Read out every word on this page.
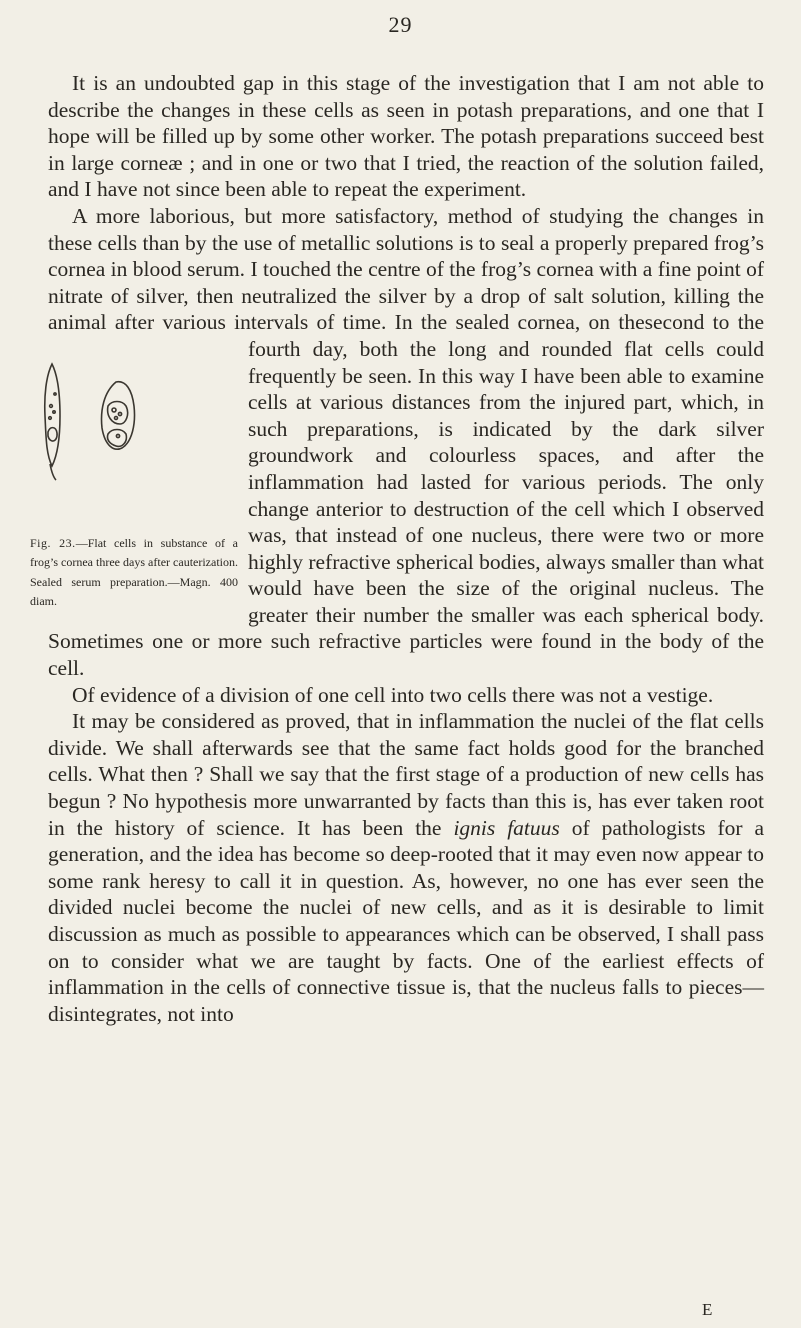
29

It is an undoubted gap in this stage of the investigation that I am not able to describe the changes in these cells as seen in potash preparations, and one that I hope will be filled up by some other worker. The potash preparations succeed best in large corneæ ; and in one or two that I tried, the reaction of the solution failed, and I have not since been able to repeat the experiment.

A more laborious, but more satisfactory, method of studying the changes in these cells than by the use of metallic solutions is to seal a properly prepared frog’s cornea in blood serum. I touched the centre of the frog’s cornea with a fine point of nitrate of silver, then neutralized the silver by a drop of salt solution, killing the animal after various intervals of time. In the sealed cornea, on the
Fig. 23.—Flat cells in substance of a frog’s cornea three days after cauterization. Sealed serum preparation.—Magn. 400 diam.
second to the fourth day, both the long and rounded flat cells could frequently be seen. In this way I have been able to examine cells at various distances from the injured part, which, in such preparations, is indicated by the dark silver groundwork and colourless spaces, and after the inflammation had lasted for various periods. The only change anterior to destruction of the cell which I observed was, that instead of one nucleus, there were two or more highly refractive spherical bodies, always smaller than what would have been the size of the original nucleus. The greater their number the smaller was each spherical body. Sometimes one or more such refractive particles were found in the body of the cell.

Of evidence of a division of one cell into two cells there was not a vestige.

It may be considered as proved, that in inflammation the nuclei of the flat cells divide. We shall afterwards see that the same fact holds good for the branched cells. What then ? Shall we say that the first stage of a production of new cells has begun ? No hypothesis more unwarranted by facts than this is, has ever taken root in the history of science. It has been the ignis fatuus of pathologists for a generation, and the idea has become so deep-rooted that it may even now appear to some rank heresy to call it in question. As, however, no one has ever seen the divided nuclei become the nuclei of new cells, and as it is desirable to limit discussion as much as possible to appearances which can be observed, I shall pass on to consider what we are taught by facts. One of the earliest effects of inflammation in the cells of connective tissue is, that the nucleus falls to pieces—disintegrates, not into

E
